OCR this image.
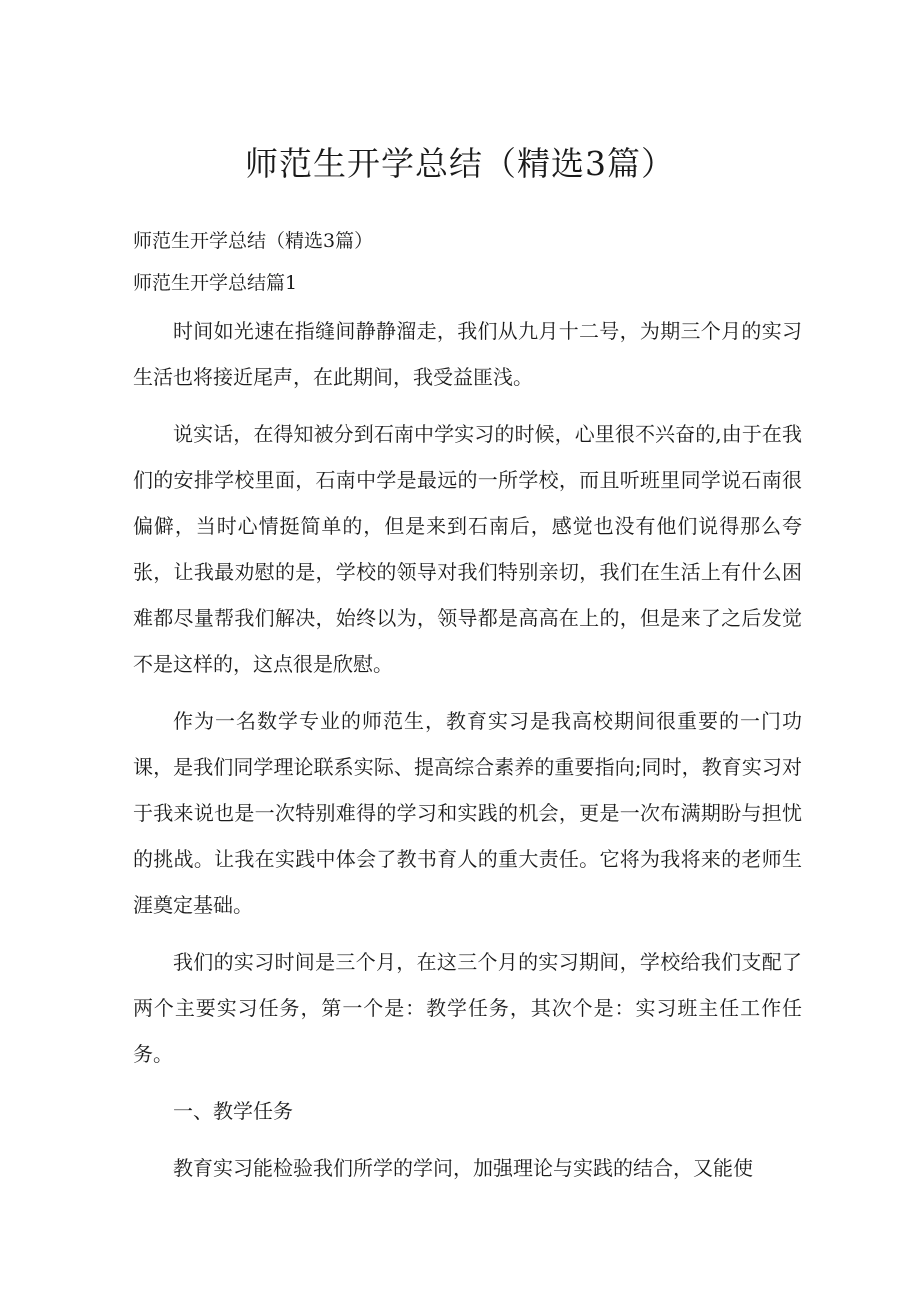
师范生开学总结（精选3篇）

师范生开学总结（精选3篇）

师范生开学总结篇1

时间如光速在指缝间静静溜走，我们从九月十二号，为期三个月的实习生活也将接近尾声，在此期间，我受益匪浅。

说实话，在得知被分到石南中学实习的时候，心里很不兴奋的,由于在我们的安排学校里面，石南中学是最远的一所学校，而且听班里同学说石南很偏僻，当时心情挺简单的，但是来到石南后，感觉也没有他们说得那么夸张，让我最劝慰的是，学校的领导对我们特别亲切，我们在生活上有什么困难都尽量帮我们解决，始终以为，领导都是高高在上的，但是来了之后发觉不是这样的，这点很是欣慰。

作为一名数学专业的师范生，教育实习是我高校期间很重要的一门功课，是我们同学理论联系实际、提高综合素养的重要指向;同时，教育实习对于我来说也是一次特别难得的学习和实践的机会，更是一次布满期盼与担忧的挑战。让我在实践中体会了教书育人的重大责任。它将为我将来的老师生涯奠定基础。

我们的实习时间是三个月，在这三个月的实习期间，学校给我们支配了两个主要实习任务，第一个是：教学任务，其次个是：实习班主任工作任务。

一、教学任务

教育实习能检验我们所学的学问，加强理论与实践的结合，又能使
